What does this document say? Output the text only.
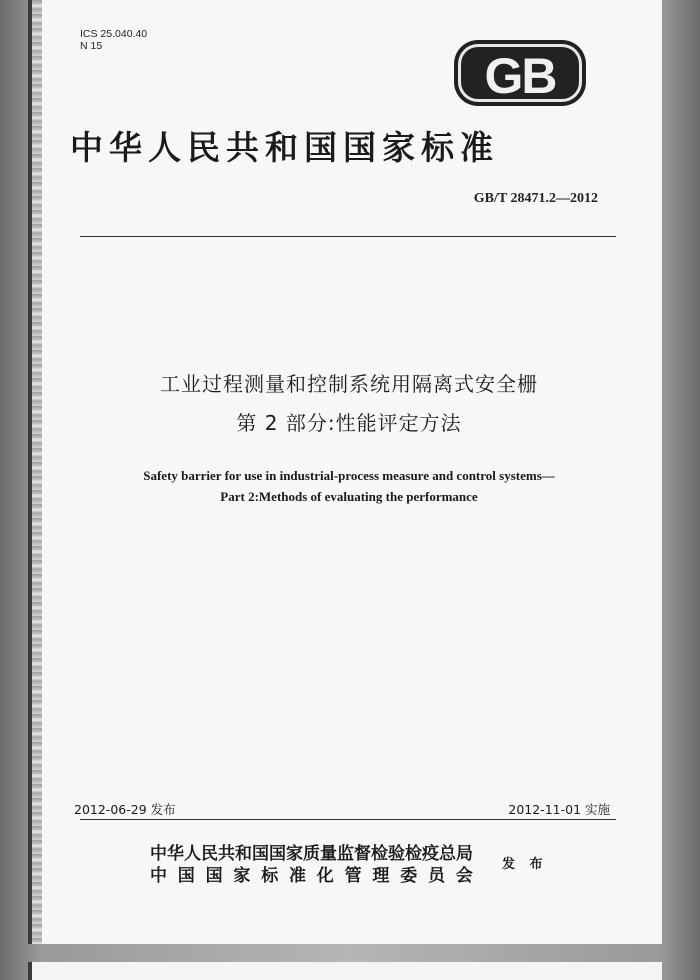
ICS 25.040.40
N 15
GB
中华人民共和国国家标准
GB/T 28471.2—2012
工业过程测量和控制系统用隔离式安全栅
第 2 部分:性能评定方法
Safety barrier for use in industrial-process measure and control systems—
Part 2:Methods of evaluating the performance
2012-06-29 发布	2012-11-01 实施
中华人民共和国国家质量监督检验检疫总局
中国国家标准化管理委员会
发 布
